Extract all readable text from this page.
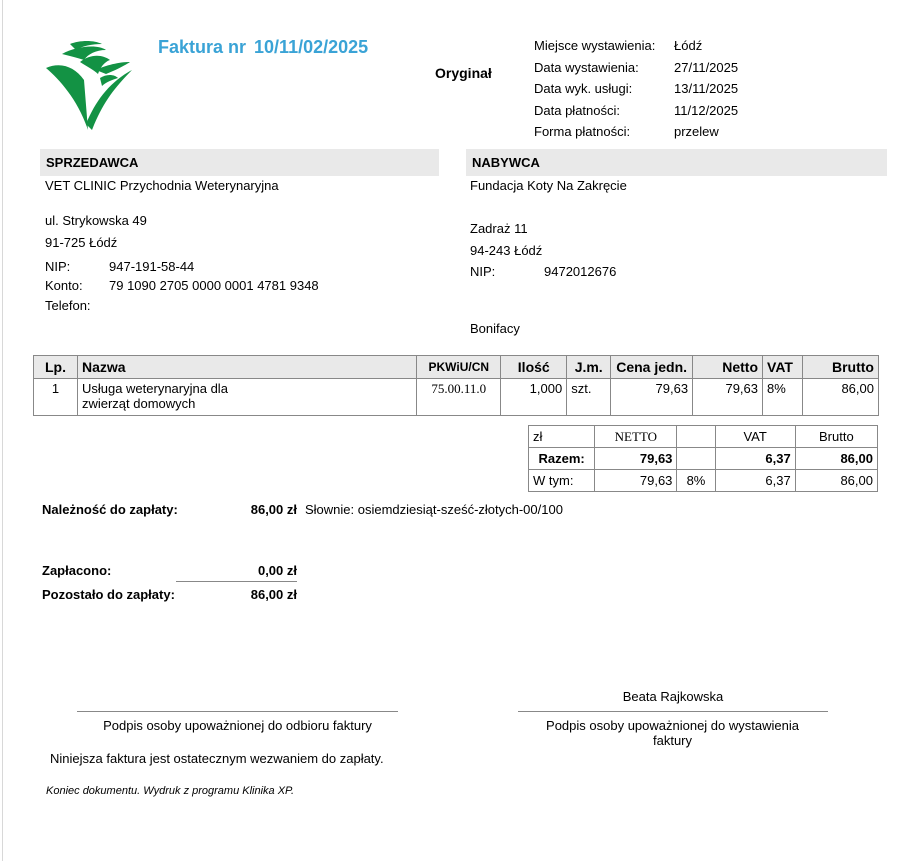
Faktura nr 10/11/02/2025
Oryginał
Miejsce wystawienia: Łódź
Data wystawienia:	27/11/2025
Data wyk. usługi:	13/11/2025
Data płatności:	11/12/2025
Forma płatności:	przelew
SPRZEDAWCA
VET CLINIC Przychodnia Weterynaryjna
ul. Strykowska 49
91-725 Łódź
NIP:	947-191-58-44
Konto: 79 1090 2705 0000 0001 4781 9348
Telefon:
NABYWCA
Fundacja Koty Na Zakręcie
Zadraż 11
94-243 Łódź
NIP:	9472012676
Bonifacy
Lp.	Nazwa	PKWiU/CN	Ilość	J.m.	Cena jedn.	Netto	VAT	Brutto
1	Usługa weterynaryjna dla
zwierząt domowych	75.00.11.0	1,000	szt.	79,63	79,63	8%	86,00
zł	NETTO		VAT	Brutto
Razem:	79,63		6,37	86,00
W tym:	79,63	8%	6,37	86,00
Należność do zapłaty:	86,00 zł Słownie: osiemdziesiąt-sześć-złotych-00/100
Zapłacono:	0,00 zł
Pozostało do zapłaty:	86,00 zł
Beata Rajkowska
Podpis osoby upoważnionej do odbioru faktury	Podpis osoby upoważnionej do wystawienia faktury
Niniejsza faktura jest ostatecznym wezwaniem do zapłaty.
Koniec dokumentu. Wydruk z programu Klinika XP.
